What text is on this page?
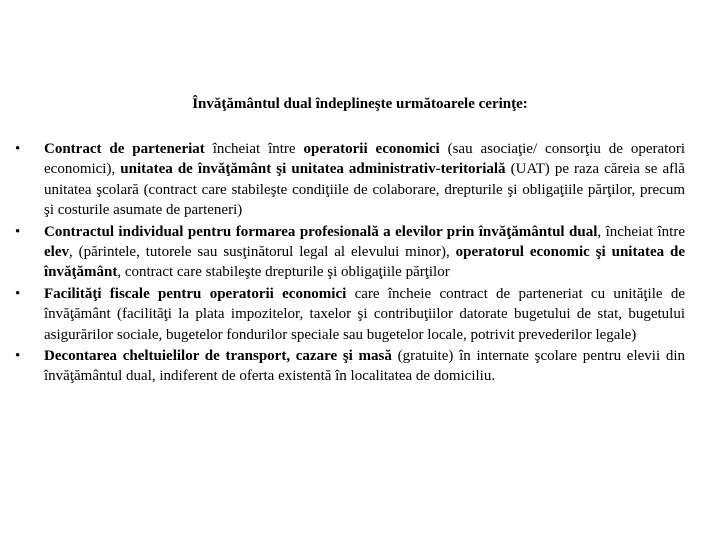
Învăţământul dual îndeplineşte următoarele cerinţe:
•	Contract de parteneriat încheiat între operatorii economici (sau asociaţie/ consorţiu de operatori economici), unitatea de învăţământ şi unitatea administrativ-teritorială (UAT) pe raza căreia se află unitatea şcolară (contract care stabileşte condiţiile de colaborare, drepturile şi obligaţiile părţilor, precum şi costurile asumate de parteneri)
•	Contractul individual pentru formarea profesională a elevilor prin învăţământul dual, încheiat între elev, (părintele, tutorele sau susţinătorul legal al elevului minor), operatorul economic şi unitatea de învăţământ, contract care stabileşte drepturile şi obligaţiile părţilor
•	Facilităţi fiscale pentru operatorii economici care încheie contract de parteneriat cu unităţile de învăţământ (facilităţi la plata impozitelor, taxelor şi contribuţiilor datorate bugetului de stat, bugetului asigurărilor sociale, bugetelor fondurilor speciale sau bugetelor locale, potrivit prevederilor legale)
•	Decontarea cheltuielilor de transport, cazare şi masă (gratuite) în internate şcolare pentru elevii din învăţământul dual, indiferent de oferta existentă în localitatea de domiciliu.
